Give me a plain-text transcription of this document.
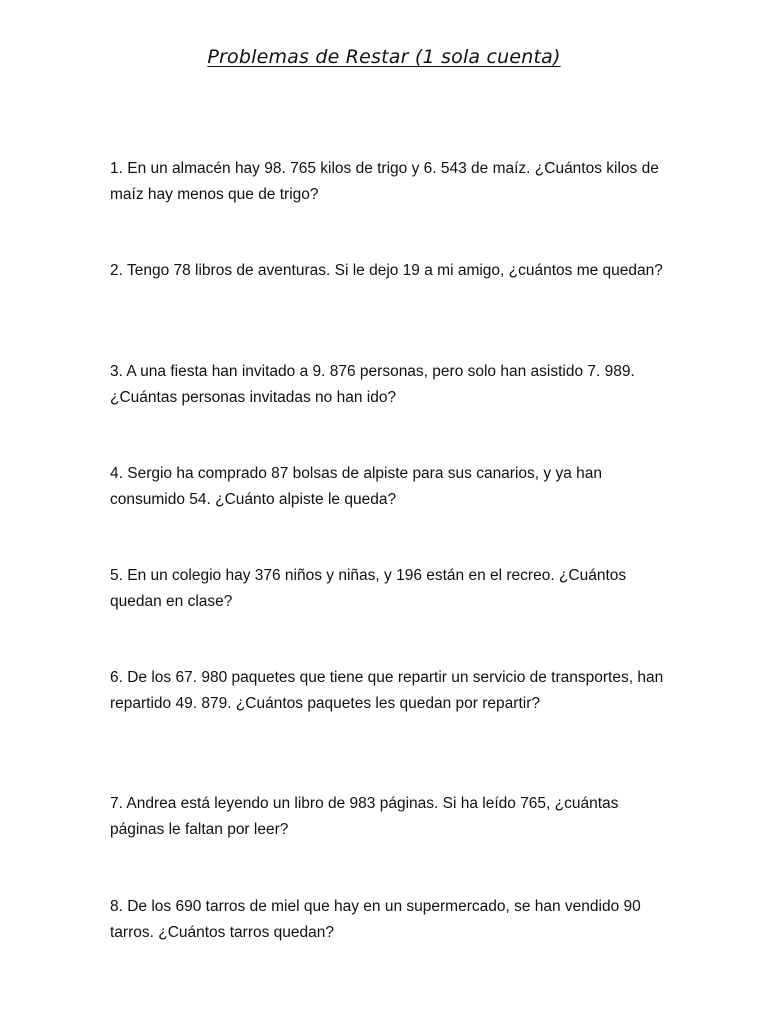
Problemas de Restar (1 sola cuenta)

1. En un almacén hay 98. 765 kilos de trigo y 6. 543 de maíz. ¿Cuántos kilos de maíz hay menos que de trigo?

2. Tengo 78 libros de aventuras. Si le dejo 19 a mi amigo, ¿cuántos me quedan?

3. A una fiesta han invitado a 9. 876 personas, pero solo han asistido 7. 989. ¿Cuántas personas invitadas no han ido?

4. Sergio ha comprado 87 bolsas de alpiste para sus canarios, y ya han consumido 54. ¿Cuánto alpiste le queda?

5. En un colegio hay 376 niños y niñas, y 196 están en el recreo. ¿Cuántos quedan en clase?

6. De los 67. 980 paquetes que tiene que repartir un servicio de transportes, han repartido 49. 879. ¿Cuántos paquetes les quedan por repartir?

7. Andrea está leyendo un libro de 983 páginas. Si ha leído 765, ¿cuántas páginas le faltan por leer?

8. De los 690 tarros de miel que hay en un supermercado, se han vendido 90 tarros. ¿Cuántos tarros quedan?
